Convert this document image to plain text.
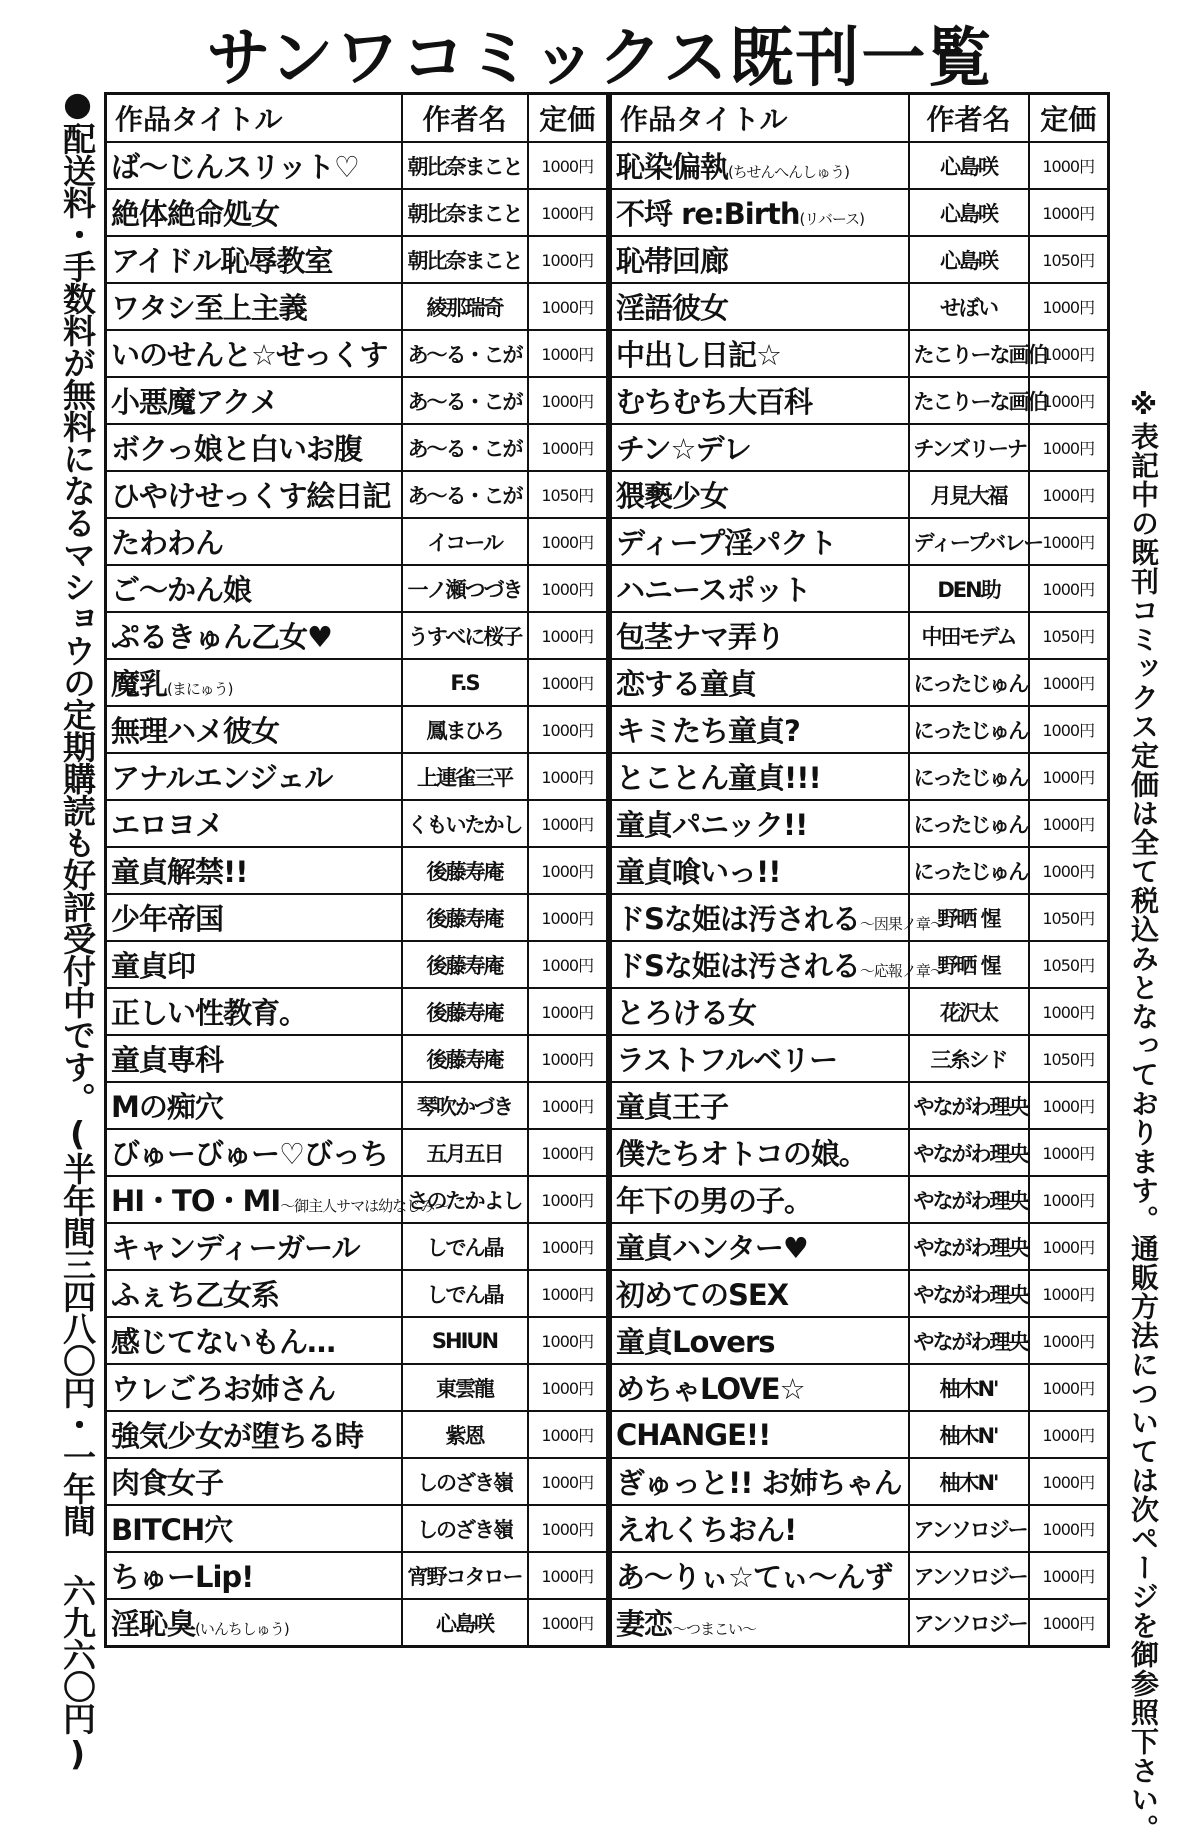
サンワコミックス既刊一覧
●配送料・手数料が無料になるマショウの定期購読も好評受付中です。(半年間三四八〇円・一年間 六九六〇円) 作品タイトル	作者名	定価
ば〜じんスリット♡	朝比奈まこと	1000円
絶体絶命処女	朝比奈まこと	1000円
アイドル恥辱教室	朝比奈まこと	1000円
ワタシ至上主義	綾那瑞奇	1000円
いのせんと☆せっくす	あ〜る・こが	1000円
小悪魔アクメ	あ〜る・こが	1000円
ボクっ娘と白いお腹	あ〜る・こが	1000円
ひやけせっくす絵日記	あ〜る・こが	1050円
たわわん	イコール	1000円
ご〜かん娘	一ノ瀬つづき	1000円
ぷるきゅん乙女♥	うすべに桜子	1000円
魔乳(まにゅう)	F.S	1000円
無理ハメ彼女	鳳まひろ	1000円
アナルエンジェル	上連雀三平	1000円
エロヨメ	くもいたかし	1000円
童貞解禁!!	後藤寿庵	1000円
少年帝国	後藤寿庵	1000円
童貞印	後藤寿庵	1000円
正しい性教育。	後藤寿庵	1000円
童貞専科	後藤寿庵	1000円
Mの痴穴	琴吹かづき	1000円
びゅーびゅー♡びっち	五月五日	1000円
HI・TO・MI〜御主人サマは幼なじみ〜	さのたかよし	1000円
キャンディーガール	しでん晶	1000円
ふぇち乙女系	しでん晶	1000円
感じてないもん…	SHIUN	1000円
ウレごろお姉さん	東雲龍	1000円
強気少女が堕ちる時	紫恩	1000円
肉食女子	しのざき嶺	1000円
BITCH穴	しのざき嶺	1000円
ちゅーLip!	宵野コタロー	1000円
淫恥臭(いんちしゅう)	心島咲	1000円
作品タイトル	作者名	定価
恥染偏執(ちせんへんしゅう)	心島咲	1000円
不埒 re:Birth(リバース)	心島咲	1000円
恥帯回廊	心島咲	1050円
淫語彼女	せぼい	1000円
中出し日記☆	たこりーな画伯	1000円
むちむち大百科	たこりーな画伯	1000円
チン☆デレ	チンズリーナ	1000円
猥褻少女	月見大福	1000円
ディープ淫パクト	ディープバレー	1000円
ハニースポット	DEN助	1000円
包茎ナマ弄り	中田モデム	1050円
恋する童貞	にったじゅん	1000円
キミたち童貞?	にったじゅん	1000円
とことん童貞!!!	にったじゅん	1000円
童貞パニック!!	にったじゅん	1000円
童貞喰いっ!!	にったじゅん	1000円
ドSな姫は汚される〜因果ノ章〜	野晒 惺	1050円
ドSな姫は汚される〜応報ノ章〜	野晒 惺	1050円
とろける女	花沢太	1000円
ラストフルベリー	三糸シド	1050円
童貞王子	やながわ理央	1000円
僕たちオトコの娘。	やながわ理央	1000円
年下の男の子。	やながわ理央	1000円
童貞ハンター♥	やながわ理央	1000円
初めてのSEX	やながわ理央	1000円
童貞Lovers	やながわ理央	1000円
めちゃLOVE☆	柚木N'	1000円
CHANGE!!	柚木N'	1000円
ぎゅっと!! お姉ちゃん	柚木N'	1000円
えれくちおん!	アンソロジー	1000円
あ〜りぃ☆てぃ〜んず	アンソロジー	1000円
妻恋〜つまこい〜	アンソロジー	1000円	※表記中の既刊コミックス定価は全て税込みとなっております。通販方法については次ページを御参照下さい。
